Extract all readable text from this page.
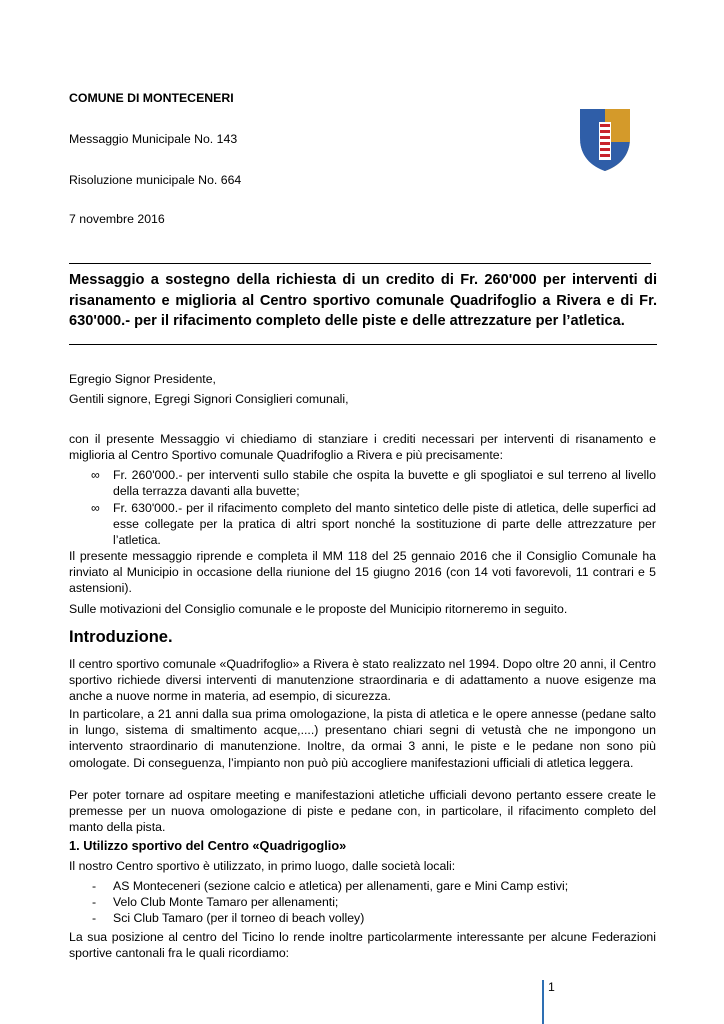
COMUNE DI MONTECENERI
Messaggio Municipale No. 143
Risoluzione municipale No. 664
7 novembre 2016
Messaggio a sostegno della richiesta di un credito di Fr. 260'000 per interventi di risanamento e miglioria al Centro sportivo comunale Quadrifoglio a Rivera e di Fr. 630'000.- per il rifacimento completo delle piste e delle attrezzature per l’atletica.
Egregio Signor Presidente,
Gentili signore, Egregi Signori Consiglieri comunali,
con il presente Messaggio vi chiediamo di stanziare i crediti necessari per interventi di risanamento e miglioria al Centro Sportivo comunale Quadrifoglio a Rivera e più precisamente:
∞ Fr. 260'000.- per interventi sullo stabile che ospita la buvette e gli spogliatoi e sul terreno al livello della terrazza davanti alla buvette;
∞ Fr. 630'000.- per il rifacimento completo del manto sintetico delle piste di atletica, delle superfici ad esse collegate per la pratica di altri sport nonché la sostituzione di parte delle attrezzature per l’atletica.
Il presente messaggio riprende e completa il MM 118 del 25 gennaio 2016 che il Consiglio Comunale ha rinviato al Municipio in occasione della riunione del 15 giugno 2016 (con 14 voti favorevoli, 11 contrari e 5 astensioni).
Sulle motivazioni del Consiglio comunale e le proposte del Municipio ritorneremo in seguito.
Introduzione.
Il centro sportivo comunale «Quadrifoglio» a Rivera è stato realizzato nel 1994. Dopo oltre 20 anni, il Centro sportivo richiede diversi interventi di manutenzione straordinaria e di adattamento a nuove esigenze ma anche a nuove norme in materia, ad esempio, di sicurezza.
In particolare, a 21 anni dalla sua prima omologazione, la pista di atletica e le opere annesse (pedane salto in lungo, sistema di smaltimento acque,....) presentano chiari segni di vetustà che ne impongono un intervento straordinario di manutenzione. Inoltre, da ormai 3 anni, le piste e le pedane non sono più omologate. Di conseguenza, l’impianto non può più accogliere manifestazioni ufficiali di atletica leggera.
Per poter tornare ad ospitare meeting e manifestazioni atletiche ufficiali devono pertanto essere create le premesse per un nuova omologazione di piste e pedane con, in particolare, il rifacimento completo del manto della pista.
1. Utilizzo sportivo del Centro «Quadrigoglio»
Il nostro Centro sportivo è utilizzato, in primo luogo, dalle società locali:
- AS Monteceneri (sezione calcio e atletica) per allenamenti, gare e Mini Camp estivi;
- Velo Club Monte Tamaro per allenamenti;
- Sci Club Tamaro (per il torneo di beach volley)
La sua posizione al centro del Ticino lo rende inoltre particolarmente interessante per alcune Federazioni sportive cantonali fra le quali ricordiamo:
1
